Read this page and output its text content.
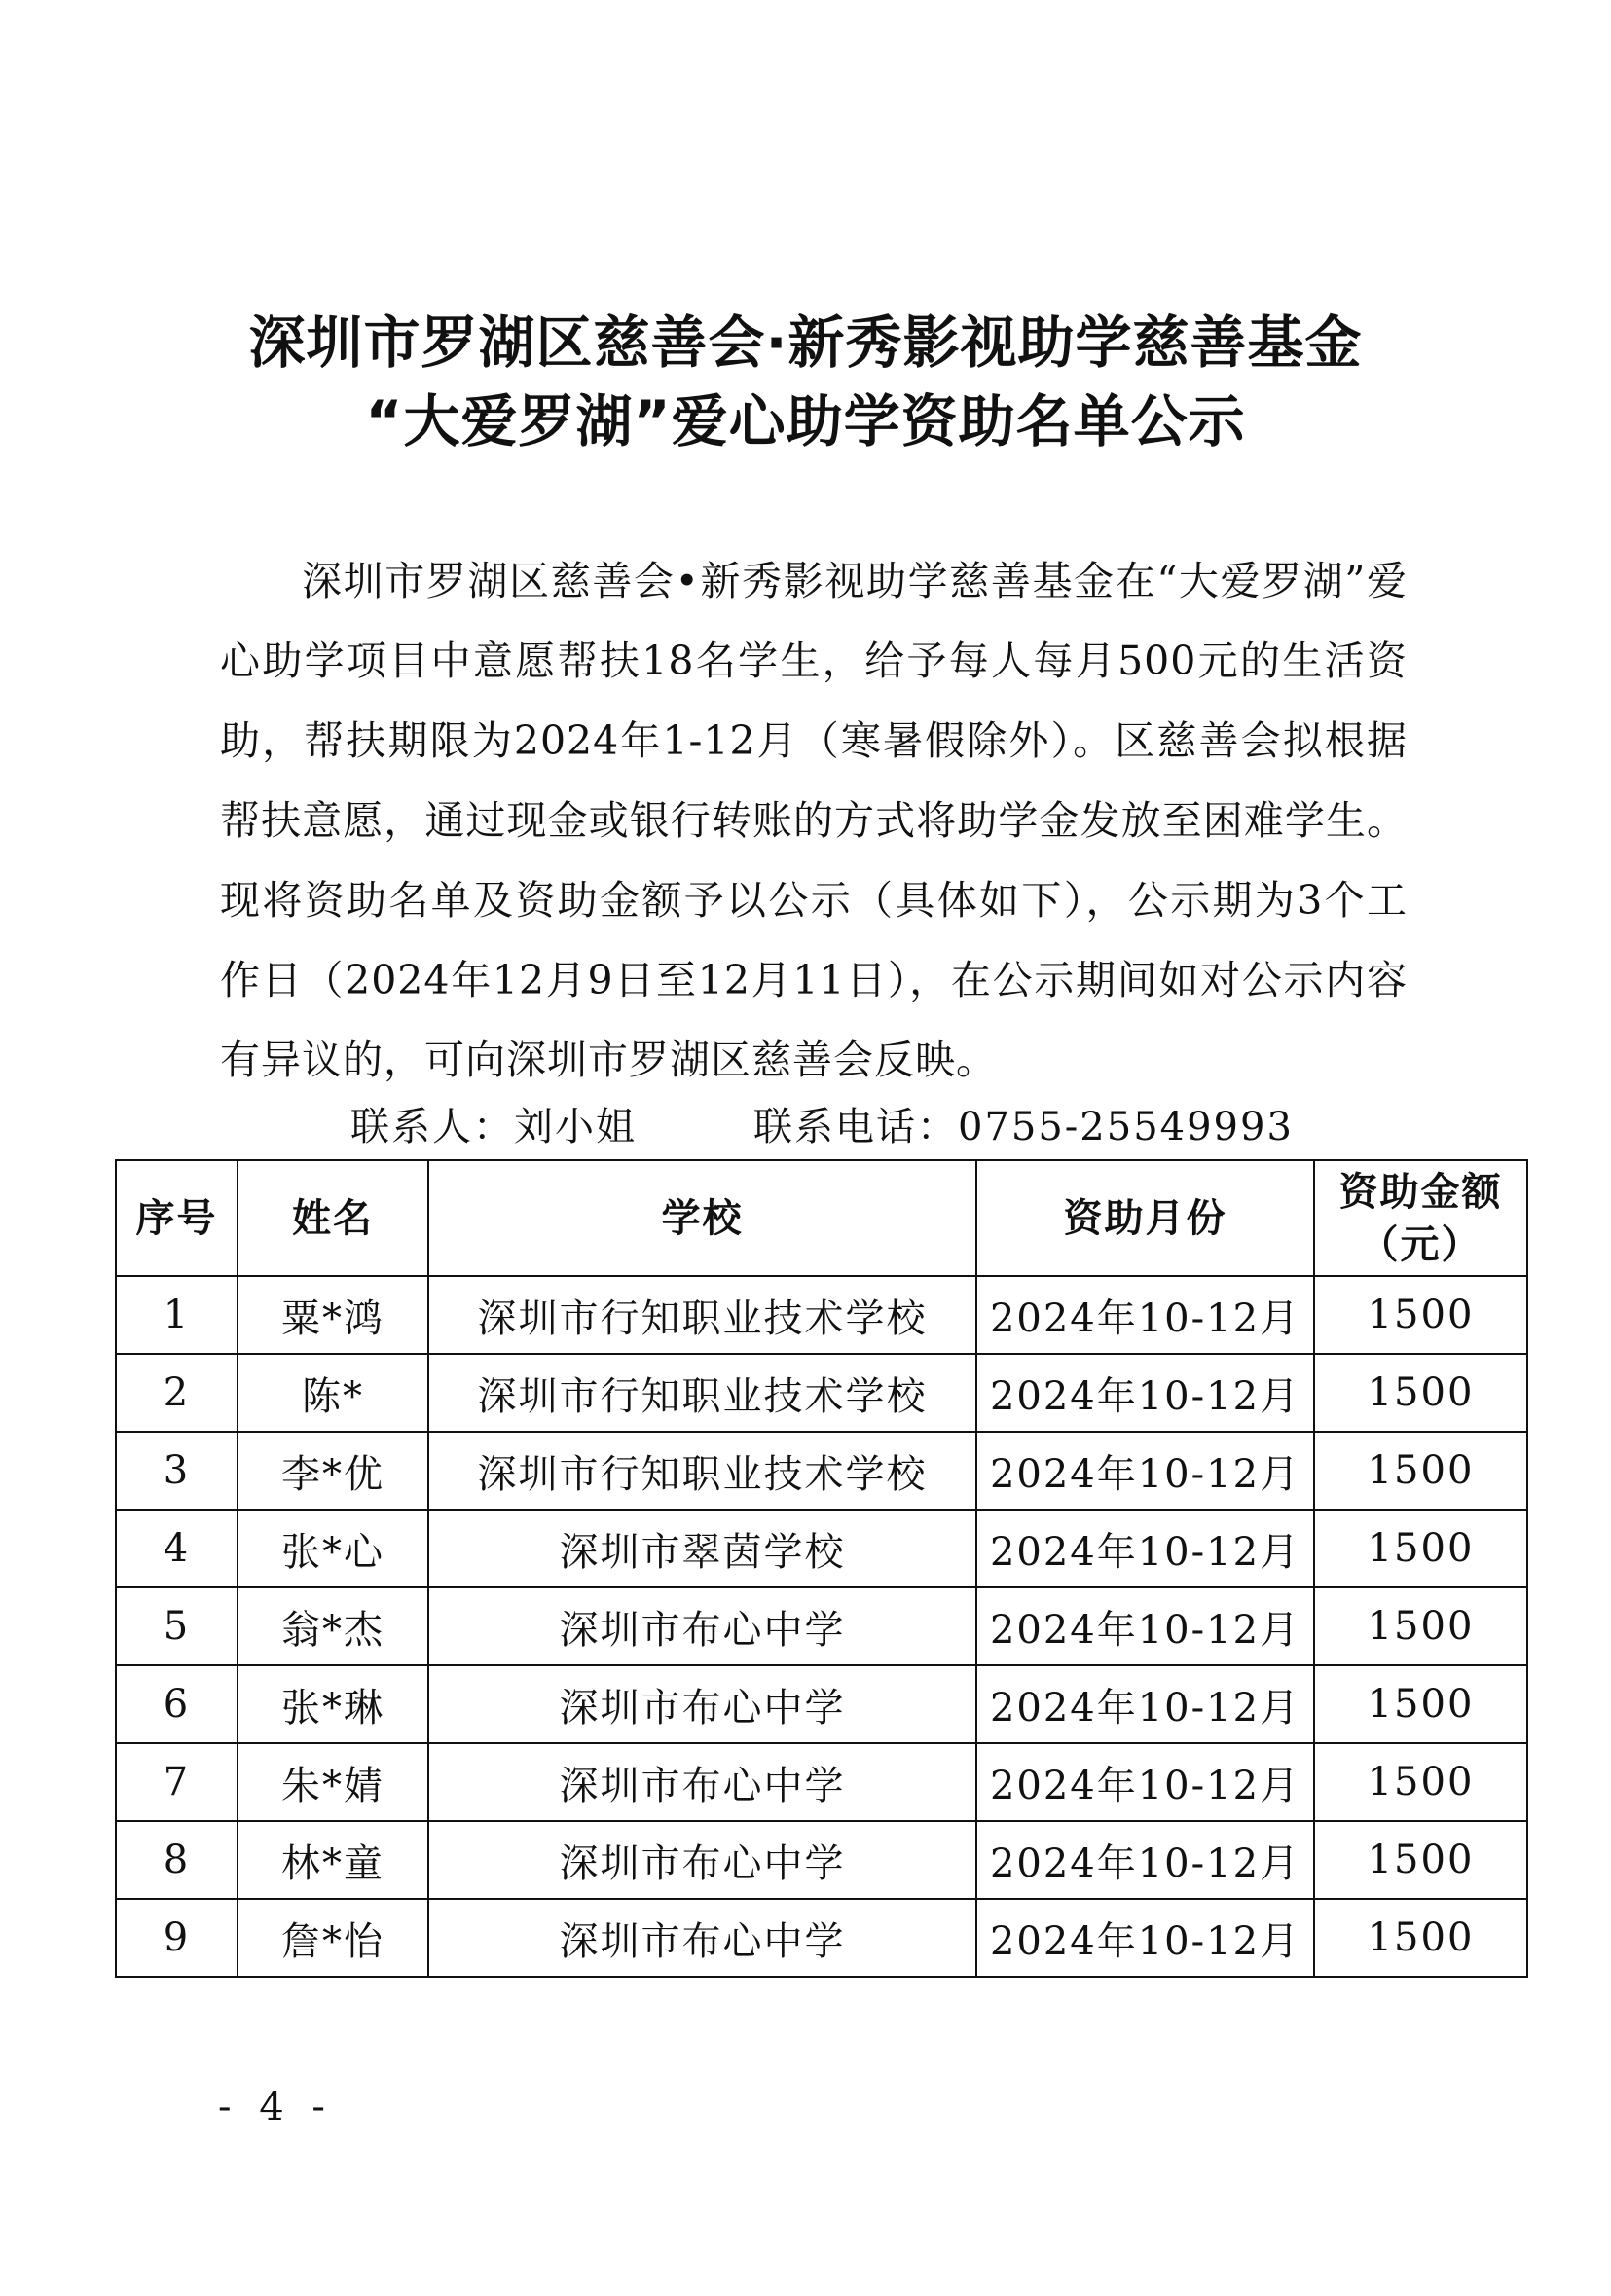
深圳市罗湖区慈善会·新秀影视助学慈善基金
“大爱罗湖”爱心助学资助名单公示

深圳市罗湖区慈善会•新秀影视助学慈善基金在“大爱罗湖”爱心助学项目中意愿帮扶18名学生，给予每人每月500元的生活资助，帮扶期限为2024年1-12月（寒暑假除外）。区慈善会拟根据帮扶意愿，通过现金或银行转账的方式将助学金发放至困难学生。现将资助名单及资助金额予以公示（具体如下），公示期为3个工作日（2024年12月9日至12月11日），在公示期间如对公示内容有异议的，可向深圳市罗湖区慈善会反映。

联系人：刘小姐	联系电话：0755-25549993
序号	姓名	学校	资助月份	资助金额（元）
1	粟*鸿	深圳市行知职业技术学校	2024年10-12月	1500
2	陈*	深圳市行知职业技术学校	2024年10-12月	1500
3	李*优	深圳市行知职业技术学校	2024年10-12月	1500
4	张*心	深圳市翠茵学校	2024年10-12月	1500
5	翁*杰	深圳市布心中学	2024年10-12月	1500
6	张*琳	深圳市布心中学	2024年10-12月	1500
7	朱*婧	深圳市布心中学	2024年10-12月	1500
8	林*童	深圳市布心中学	2024年10-12月	1500
9	詹*怡	深圳市布心中学	2024年10-12月	1500
- 4 -
